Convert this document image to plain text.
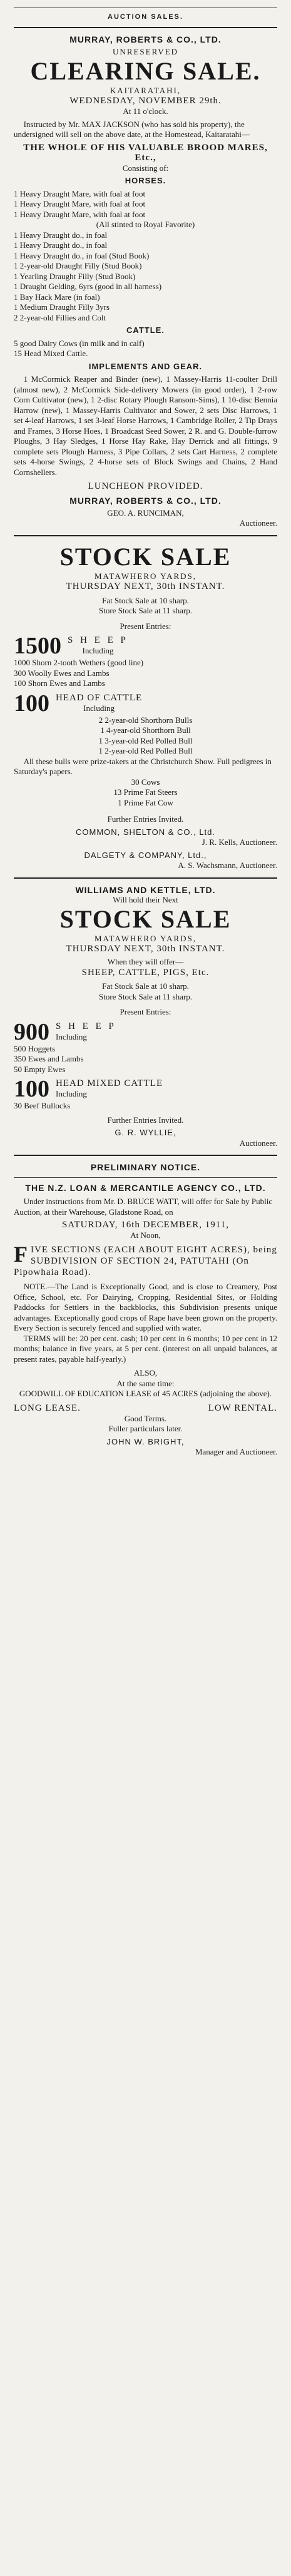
AUCTION SALES.
MURRAY, ROBERTS & CO., LTD.
UNRESERVED
CLEARING SALE.
KAITARATAHI,
WEDNESDAY, NOVEMBER 29th.
At 11 o'clock.

Instructed by Mr. MAX JACKSON (who has sold his property), the undersigned will sell on the above date, at the Homestead, Kaitaratahi—

THE WHOLE OF HIS VALUABLE BROOD MARES, Etc.,

Consisting of:

HORSES.

1 Heavy Draught Mare, with foal at foot

1 Heavy Draught Mare, with foal at foot

1 Heavy Draught Mare, with foal at foot

(All stinted to Royal Favorite)

1 Heavy Draught do., in foal

1 Heavy Draught do., in foal

1 Heavy Draught do., in foal (Stud Book)

1 2-year-old Draught Filly (Stud Book)

1 Yearling Draught Filly (Stud Book)

1 Draught Gelding, 6yrs (good in all harness)

1 Bay Hack Mare (in foal)

1 Medium Draught Filly 3yrs

2 2-year-old Fillies and Colt

CATTLE.

5 good Dairy Cows (in milk and in calf)

15 Head Mixed Cattle.

IMPLEMENTS AND GEAR.

1 McCormick Reaper and Binder (new), 1 Massey-Harris 11-coulter Drill (almost new), 2 McCormick Side-delivery Mowers (in good order), 1 2-row Corn Cultivator (new), 1 2-disc Rotary Plough Ransom-Sims), 1 10-disc Bennia Harrow (new), 1 Massey-Harris Cultivator and Sower, 2 sets Disc Harrows, 1 set 4-leaf Harrows, 1 set 3-leaf Horse Harrows, 1 Cambridge Roller, 2 Tip Drays and Frames, 3 Horse Hoes, 1 Broadcast Seed Sower, 2 R. and G. Double-furrow Ploughs, 3 Hay Sledges, 1 Horse Hay Rake, Hay Derrick and all fittings, 9 complete sets Plough Harness, 3 Pipe Collars, 2 sets Cart Harness, 2 complete sets 4-horse Swings, 2 4-horse sets of Block Swings and Chains, 2 Hand Cornshellers.

LUNCHEON PROVIDED.

MURRAY, ROBERTS & CO., LTD.

GEO. A. RUNCIMAN,

Auctioneer.

STOCK SALE
MATAWHERO YARDS,
THURSDAY NEXT, 30th INSTANT.

Fat Stock Sale at 10 sharp.

Store Stock Sale at 11 sharp.

Present Entries:

1500 S H E E P
Including

1000 Shorn 2-tooth Wethers (good line)

300 Woolly Ewes and Lambs

100 Shorn Ewes and Lambs

100 HEAD OF CATTLE
Including

2 2-year-old Shorthorn Bulls

1 4-year-old Shorthorn Bull

1 3-year-old Red Polled Bull

1 2-year-old Red Polled Bull

All these bulls were prize-takers at the Christchurch Show. Full pedigrees in Saturday's papers.

30 Cows

13 Prime Fat Steers

1 Prime Fat Cow

Further Entries Invited.

COMMON, SHELTON & CO., Ltd.

J. R. Kells, Auctioneer.

DALGETY & COMPANY, Ltd.,

A. S. Wachsmann, Auctioneer.

WILLIAMS AND KETTLE, LTD.

Will hold their Next

STOCK SALE
MATAWHERO YARDS,
THURSDAY NEXT, 30th INSTANT.

When they will offer—

SHEEP, CATTLE, PIGS, Etc.

Fat Stock Sale at 10 sharp.

Store Stock Sale at 11 sharp.

Present Entries:

900 S H E E P
Including

500 Hoggets

350 Ewes and Lambs

50 Empty Ewes

100 HEAD MIXED CATTLE
Including

30 Beef Bullocks

Further Entries Invited.

G. R. WYLLIE,

Auctioneer.

PRELIMINARY NOTICE.
THE N.Z. LOAN & MERCANTILE AGENCY CO., LTD.

Under instructions from Mr. D. BRUCE WATT, will offer for Sale by Public Auction, at their Warehouse, Gladstone Road, on

SATURDAY, 16th DECEMBER, 1911,

At Noon,

FIVE SECTIONS (EACH ABOUT EIGHT ACRES), being SUBDIVISION OF SECTION 24, PATUTAHI (On Pipowhaia Road).

NOTE.—The Land is Exceptionally Good, and is close to Creamery, Post Office, School, etc. For Dairying, Cropping, Residential Sites, or Holding Paddocks for Settlers in the backblocks, this Subdivision presents unique advantages. Exceptionally good crops of Rape have been grown on the property. Every Section is securely fenced and supplied with water.

TERMS will be: 20 per cent. cash; 10 per cent in 6 months; 10 per cent in 12 months; balance in five years, at 5 per cent. (interest on all unpaid balances, at present rates, payable half-yearly.)

ALSO,

At the same time:

GOODWILL OF EDUCATION LEASE of 45 ACRES (adjoining the above).

LONG LEASE.	LOW RENTAL.

Good Terms.

Fuller particulars later.

JOHN W. BRIGHT,

Manager and Auctioneer.
